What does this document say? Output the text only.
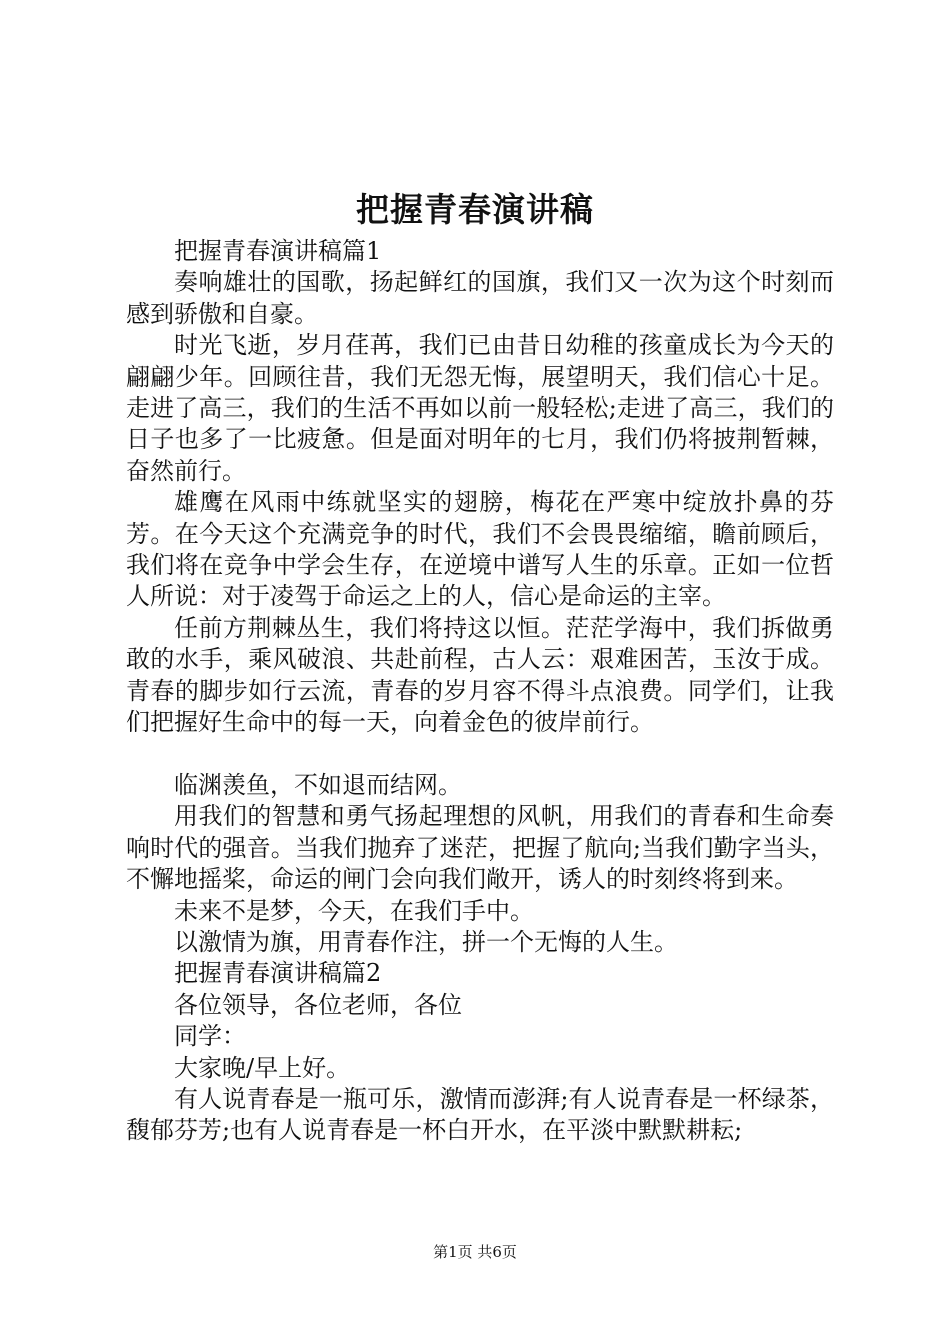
把握青春演讲稿

把握青春演讲稿篇1

奏响雄壮的国歌，扬起鲜红的国旗，我们又一次为这个时刻而感到骄傲和自豪。

时光飞逝，岁月荏苒，我们已由昔日幼稚的孩童成长为今天的翩翩少年。回顾往昔，我们无怨无悔，展望明天，我们信心十足。走进了高三，我们的生活不再如以前一般轻松;走进了高三，我们的日子也多了一比疲惫。但是面对明年的七月，我们仍将披荆暂棘，奋然前行。

雄鹰在风雨中练就坚实的翅膀，梅花在严寒中绽放扑鼻的芬芳。在今天这个充满竞争的时代，我们不会畏畏缩缩，瞻前顾后，我们将在竞争中学会生存，在逆境中谱写人生的乐章。正如一位哲人所说：对于凌驾于命运之上的人，信心是命运的主宰。

任前方荆棘丛生，我们将持这以恒。茫茫学海中，我们拆做勇敢的水手，乘风破浪、共赴前程，古人云：艰难困苦，玉汝于成。青春的脚步如行云流，青春的岁月容不得斗点浪费。同学们，让我们把握好生命中的每一天，向着金色的彼岸前行。

临渊羡鱼，不如退而结网。

用我们的智慧和勇气扬起理想的风帆，用我们的青春和生命奏响时代的强音。当我们抛弃了迷茫，把握了航向;当我们勤字当头，不懈地摇桨，命运的闸门会向我们敞开，诱人的时刻终将到来。

未来不是梦，今天，在我们手中。

以激情为旗，用青春作注，拼一个无悔的人生。

把握青春演讲稿篇2

各位领导，各位老师，各位

同学：

大家晚/早上好。

有人说青春是一瓶可乐，激情而澎湃;有人说青春是一杯绿茶，馥郁芬芳;也有人说青春是一杯白开水，在平淡中默默耕耘;

第1页 共6页
